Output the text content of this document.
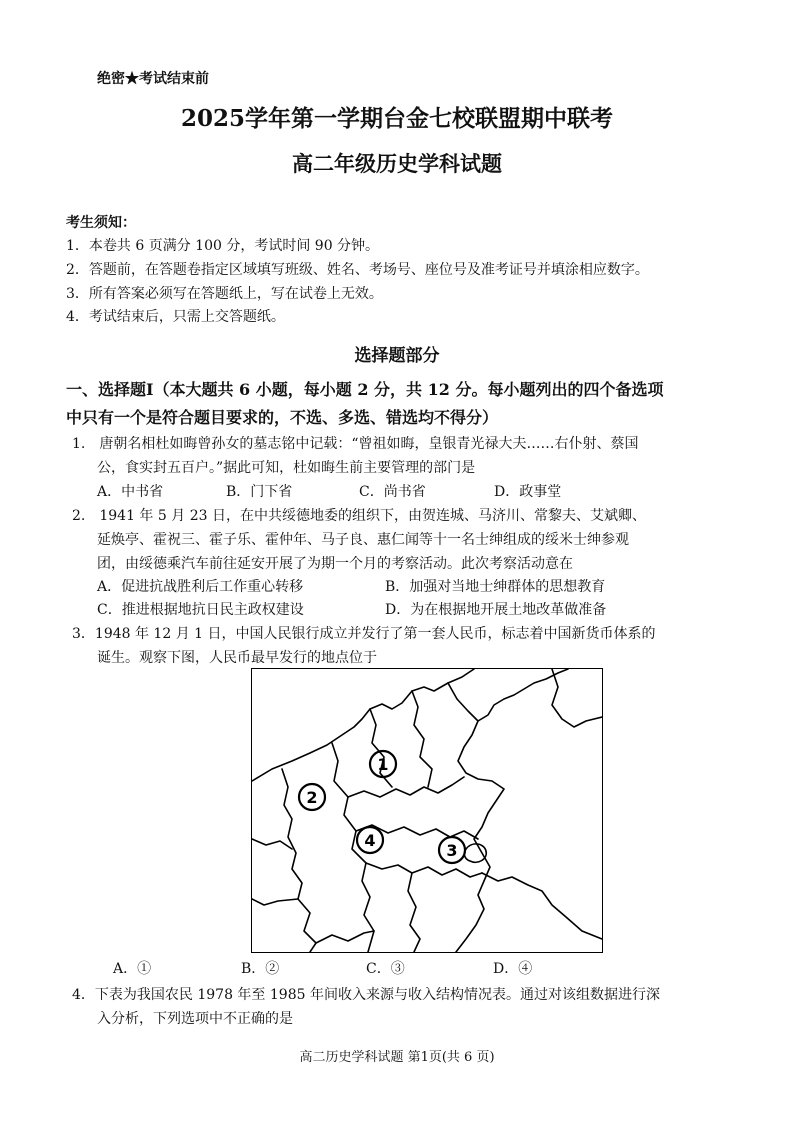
绝密★考试结束前
2025学年第一学期台金七校联盟期中联考
高二年级历史学科试题
考生须知：
1．本卷共 6 页满分 100 分，考试时间 90 分钟。
2．答题前，在答题卷指定区域填写班级、姓名、考场号、座位号及准考证号并填涂相应数字。
3．所有答案必须写在答题纸上，写在试卷上无效。
4．考试结束后，只需上交答题纸。
选择题部分
一、选择题Ⅰ（本大题共 6 小题，每小题 2 分，共 12 分。每小题列出的四个备选项
中只有一个是符合题目要求的，不选、多选、错选均不得分）
1.　唐朝名相杜如晦曾孙女的墓志铭中记载：“曾祖如晦，皇银青光禄大夫……右仆射、蔡国
公，食实封五百户。”据此可知，杜如晦生前主要管理的部门是
A．中书省	B．门下省	C．尚书省	D．政事堂
2.　1941 年 5 月 23 日，在中共绥德地委的组织下，由贺连城、马济川、常黎夫、艾斌卿、
延焕亭、霍祝三、霍子乐、霍仲年、马子良、惠仁闻等十一名士绅组成的绥米士绅参观
团，由绥德乘汽车前往延安开展了为期一个月的考察活动。此次考察活动意在
A．促进抗战胜利后工作重心转移	B．加强对当地士绅群体的思想教育
C．推进根据地抗日民主政权建设	D．为在根据地开展土地改革做准备
3．1948 年 12 月 1 日，中国人民银行成立并发行了第一套人民币，标志着中国新货币体系的
诞生。观察下图，人民币最早发行的地点位于
1
2
3
4
A．①	B．②	C．③	D．④
4．下表为我国农民 1978 年至 1985 年间收入来源与收入结构情况表。通过对该组数据进行深
入分析，下列选项中不正确的是
高二历史学科试题 第1页(共 6 页)
